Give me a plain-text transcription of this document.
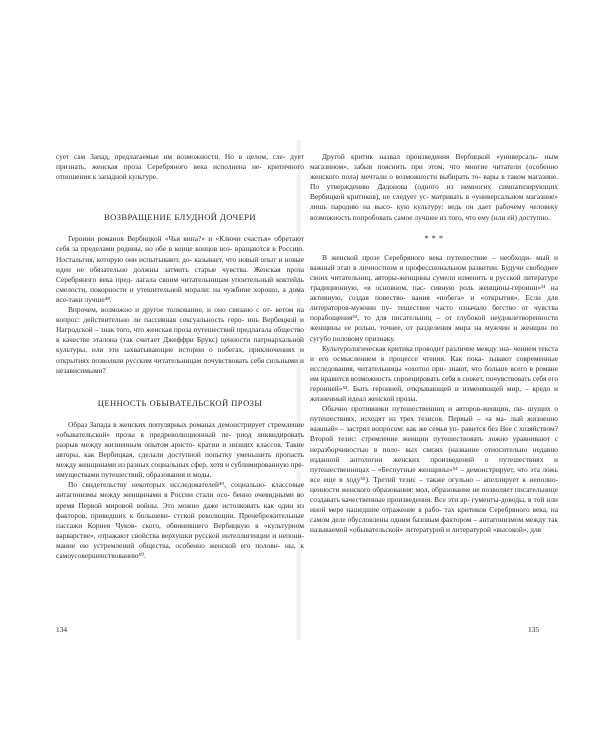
сует сам Запад, предлагаемые им возможности. Но в целом, сле- дует признать, женская проза Серебряного века исполнена не- критичного отношения к западной культуре.

ВОЗВРАЩЕНИЕ БЛУДНОЙ ДОЧЕРИ

Героини романов Вербицкой «Чья вина?» и «Ключи счастья» обретают себя за пределами родины, но обе в конце концов воз- вращаются в Россию. Ностальгия, которую они испытывают, до- казывает, что новый опыт и новые идеи не обязательно должны затмить старые чувства. Женская проза Серебряного века пред- лагала своим читательницам упоительный коктейль смелости, покорности и утешительной морали: на чужбине хорошо, а дома все-таки лучше⁴⁸.

Впрочем, возможно и другое толкование, и оно связано с от- ветом на вопрос: действительно ли пассивная сексуальность геро- инь Вербицкой и Нагродской – знак того, что женская проза путешествий предлагала общество в качестве эталона (так считает Джеффри Брукс) ценности патриархальной культуры, или эти захватывающие истории о побегах, приключениях и открытиях позволяли русским читательницам почувствовать себя сильными и независимыми?

ЦЕННОСТЬ ОБЫВАТЕЛЬСКОЙ ПРОЗЫ

Образ Запада в женских популярных романах демонстрирует стремление «обывательской» прозы в предреволюционный пе- риод ликвидировать разрыв между жизненным опытом аристо- кратии и низших классов. Такие авторы, как Вербицкая, сделали доступной попытку уменьшить пропасть между женщинами из разных социальных сфер, хотя и сублимированную пре- имуществами путешествий, образования и моды.

По свидетельству некоторых исследователей⁴⁹, социально- классовые антагонизмы между женщинами в России стали осо- бенно очевидными во время Первой мировой войны. Это можно даже истолковать как один из факторов, приведших к большеви- стской революции. Пренебрежительные пассажи Корнея Чуков- ского, обвинившего Вербицкую в «культурном варварстве», отражают свойства верхушки русской интеллигенции и непони- мание ею устремлений общества, особенно женской его полови- ны, к самоусовершенствованию⁵⁰.

134

Другой критик назвал произведения Вербицкой «универсаль- ным магазином», забыв пояснить при этом, что многие читатели (особенно женского пола) мечтали о возможности выбирать то- вары в таком магазине. По утверждению Дадонова (одного из немногих симпатизирующих Вербицкой критиков), не следует ус- матривать в «универсальном магазине» лишь пародию на высо- кую культуру: ведь он дает рабочему человеку возможность попробовать самое лучшее из того, что ему (или ей) доступно.

* * *

В женской прозе Серебряного века путешествие – необходи- мый и важный этап в личностном и профессиональном развитии. Будучи свободнее своих читательниц, авторы-женщины сумели изменить в русской литературе традиционную, «в основном, пас- сивную роль женщины-героини»⁵¹ на активную, создав повество- вания «побега» и «открытия». Если для литераторов-мужчин пу- тешествие часто означало бегство от чувства порабощения⁵², то для писательниц – от глубокой неудовлетворенности женщины ее ролью, точнее, от разделения мира на мужчин и женщин по сугубо половому признаку.

Культурологическая критика проводит различие между зна- чением текста и его осмыслением в процессе чтения. Как пока- зывают современные исследования, читательницы «охотно при- знают, что больше всего в романе им нравится возможность спроецировать себя в сюжет, почувствовать себя его героиней»⁵³. Быть героиней, открывающей и изменяющей мир, – кредо и жизненный идеал женской прозы.

Обычно противники путешественниц и авторов-женщин, пи- шущих о путешествиях, исходят из трех тезисов. Первый – «а ма- лый жизненно важный» – застрял вопросом: как же семья уп- равится без Нее с хозяйством? Второй тезис: стремление женщин путешествовать ложно уравнивают с неразборчивостью в поло- вых связях (название относительно недавно изданной антологии женских произведений о путешествиях и путешественницах – «Беспутные женщины»⁵⁴ – демонстрирует, что эта ложь все еще в ходу⁵⁵). Третий тезис – также огульно – апеллирует к неполно- ценности женского образования: мол, образование не позволяет писательнице создавать качественные произведения. Все эти ар- гументы-доводы, в той или иной мере нашедшие отражение в рабо- тах критиков Серебряного века, на самом деле обусловлены одним базовым фактором – антагонизмом между так называемой «обывательской» литературой и литературой «высокой», для

135
